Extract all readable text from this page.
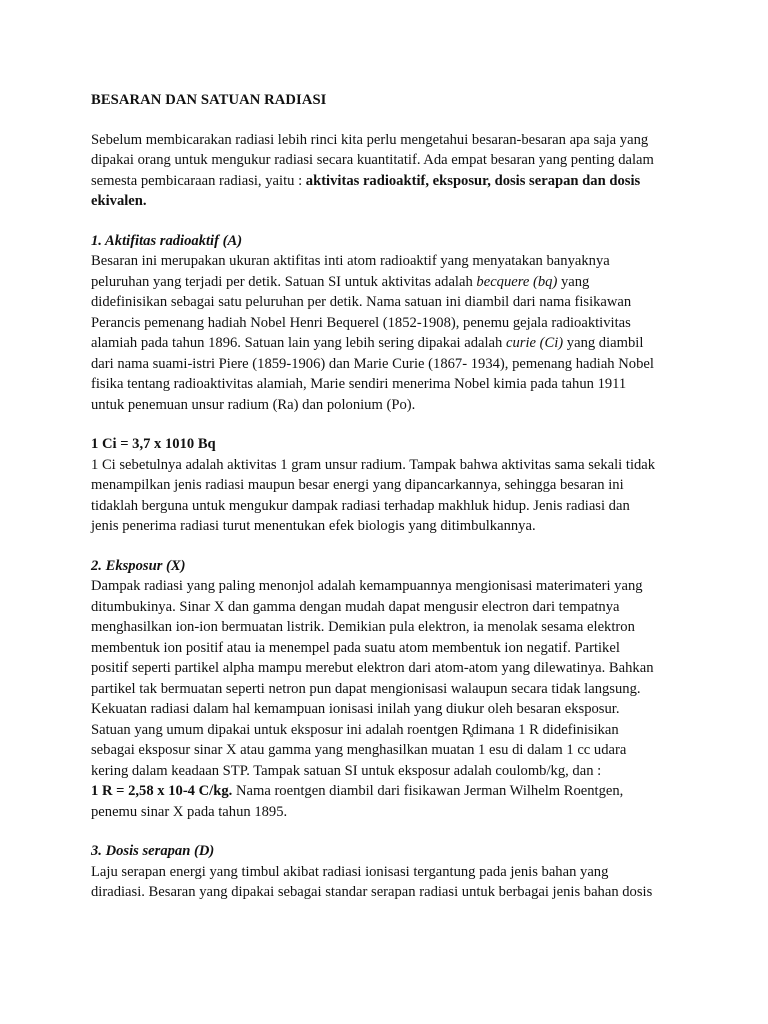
BESARAN DAN SATUAN RADIASI
Sebelum membicarakan radiasi lebih rinci kita perlu mengetahui besaran-besaran apa saja yang
dipakai orang untuk mengukur radiasi secara kuantitatif. Ada empat besaran yang penting dalam
semesta pembicaraan radiasi, yaitu : aktivitas radioaktif, eksposur, dosis serapan dan dosis
ekivalen.
1. Aktifitas radioaktif (A)
Besaran ini merupakan ukuran aktifitas inti atom radioaktif yang menyatakan banyaknya
peluruhan yang terjadi per detik. Satuan SI untuk aktivitas adalah becquere (bq) yang
didefinisikan sebagai satu peluruhan per detik. Nama satuan ini diambil dari nama fisikawan
Perancis pemenang hadiah Nobel Henri Bequerel (1852-1908), penemu gejala radioaktivitas
alamiah pada tahun 1896. Satuan lain yang lebih sering dipakai adalah curie (Ci) yang diambil
dari nama suami-istri Piere (1859-1906) dan Marie Curie (1867- 1934), pemenang hadiah Nobel
fisika tentang radioaktivitas alamiah, Marie sendiri menerima Nobel kimia pada tahun 1911
untuk penemuan unsur radium (Ra) dan polonium (Po).
1 Ci = 3,7 x 1010 Bq
1 Ci sebetulnya adalah aktivitas 1 gram unsur radium. Tampak bahwa aktivitas sama sekali tidak
menampilkan jenis radiasi maupun besar energi yang dipancarkannya, sehingga besaran ini
tidaklah berguna untuk mengukur dampak radiasi terhadap makhluk hidup. Jenis radiasi dan
jenis penerima radiasi turut menentukan efek biologis yang ditimbulkannya.
2. Eksposur (X)
Dampak radiasi yang paling menonjol adalah kemampuannya mengionisasi materimateri yang
ditumbukinya. Sinar X dan gamma dengan mudah dapat mengusir electron dari tempatnya
menghasilkan ion-ion bermuatan listrik. Demikian pula elektron, ia menolak sesama elektron
membentuk ion positif atau ia menempel pada suatu atom membentuk ion negatif. Partikel
positif seperti partikel alpha mampu merebut elektron dari atom-atom yang dilewatinya. Bahkan
partikel tak bermuatan seperti netron pun dapat mengionisasi walaupun secara tidak langsung.
Kekuatan radiasi dalam hal kemampuan ionisasi inilah yang diukur oleh besaran eksposur.
Satuan yang umum dipakai untuk eksposur ini adalah roentgen R̥dimana 1 R didefinisikan
sebagai eksposur sinar X atau gamma yang menghasilkan muatan 1 esu di dalam 1 cc udara
kering dalam keadaan STP. Tampak satuan SI untuk eksposur adalah coulomb/kg, dan :
1 R = 2,58 x 10-4 C/kg. Nama roentgen diambil dari fisikawan Jerman Wilhelm Roentgen,
penemu sinar X pada tahun 1895.
3. Dosis serapan (D)
Laju serapan energi yang timbul akibat radiasi ionisasi tergantung pada jenis bahan yang
diradiasi. Besaran yang dipakai sebagai standar serapan radiasi untuk berbagai jenis bahan dosis
